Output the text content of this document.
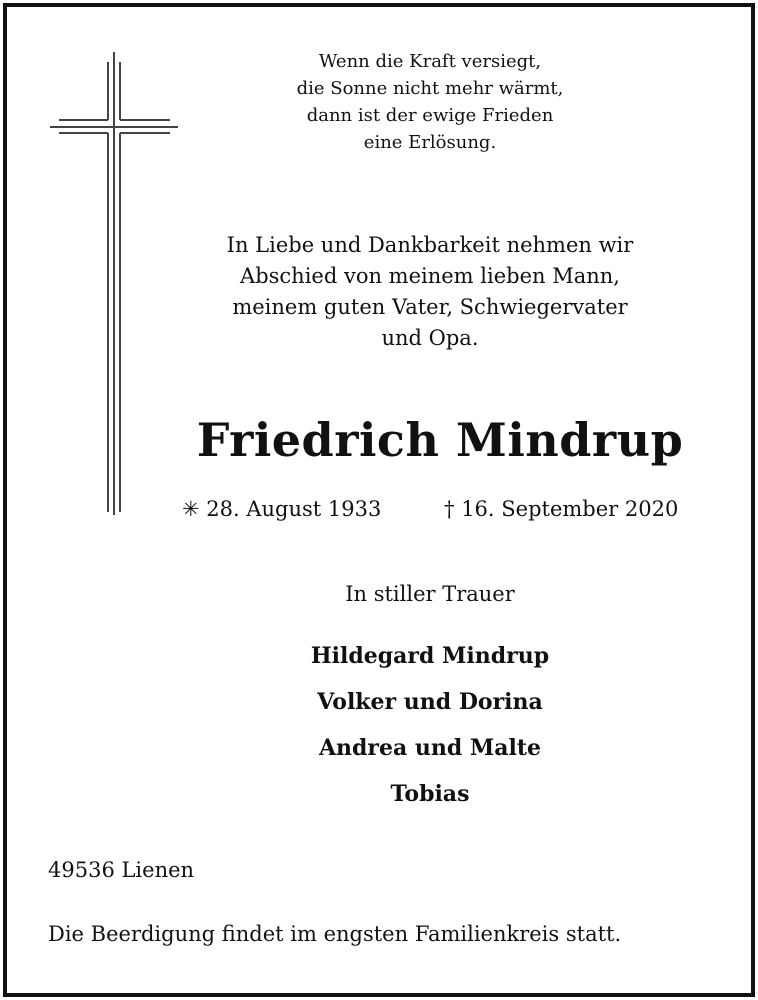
Wenn die Kraft versiegt,
die Sonne nicht mehr wärmt,
dann ist der ewige Frieden
eine Erlösung.
In Liebe und Dankbarkeit nehmen wir
Abschied von meinem lieben Mann,
meinem guten Vater, Schwiegervater
und Opa.
Friedrich Mindrup
✳ 28. August 1933	† 16. September 2020
In stiller Trauer
Hildegard Mindrup
Volker und Dorina
Andrea und Malte
Tobias
49536 Lienen
Die Beerdigung findet im engsten Familienkreis statt.
